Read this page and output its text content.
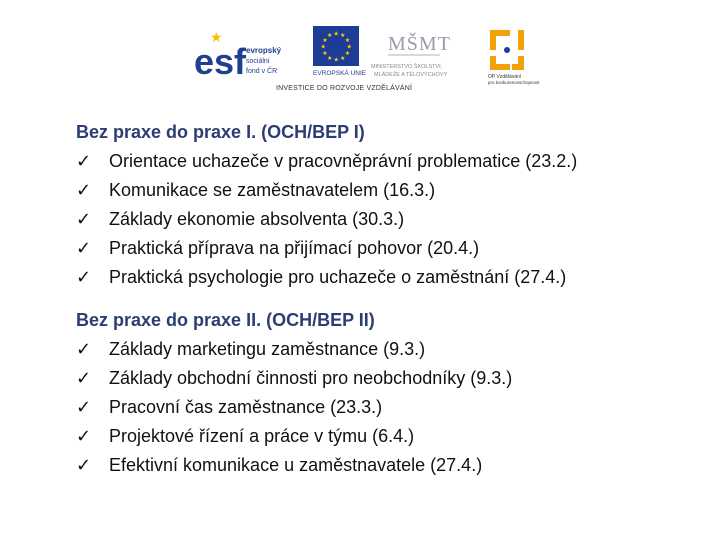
esf
★
evropský
sociální
fond v ČR
★
★
★
★
★
★
★
★
★ ★ ★
★
EVROPSKÁ UNIE
MŠMT
MINISTERSTVO ŠKOLSTVÍ,
MLÁDEŽE A TĚLOVÝCHOVY	OP Vzdělávání
pro konkurenceschopnost
INVESTICE DO ROZVOJE VZDĚLÁVÁNÍ

Bez praxe do praxe I. (OCH/BEP I)

✓ Orientace uchazeče v pracovněprávní problematice (23.2.)
✓ Komunikace se zaměstnavatelem (16.3.)
✓ Základy ekonomie absolventa (30.3.)
✓ Praktická příprava na přijímací pohovor (20.4.)
✓ Praktická psychologie pro uchazeče o zaměstnání (27.4.)

Bez praxe do praxe II. (OCH/BEP II)

✓ Základy marketingu zaměstnance (9.3.)
✓ Základy obchodní činnosti pro neobchodníky (9.3.)
✓ Pracovní čas zaměstnance (23.3.)
✓ Projektové řízení a práce v týmu (6.4.)
✓ Efektivní komunikace u zaměstnavatele (27.4.)
